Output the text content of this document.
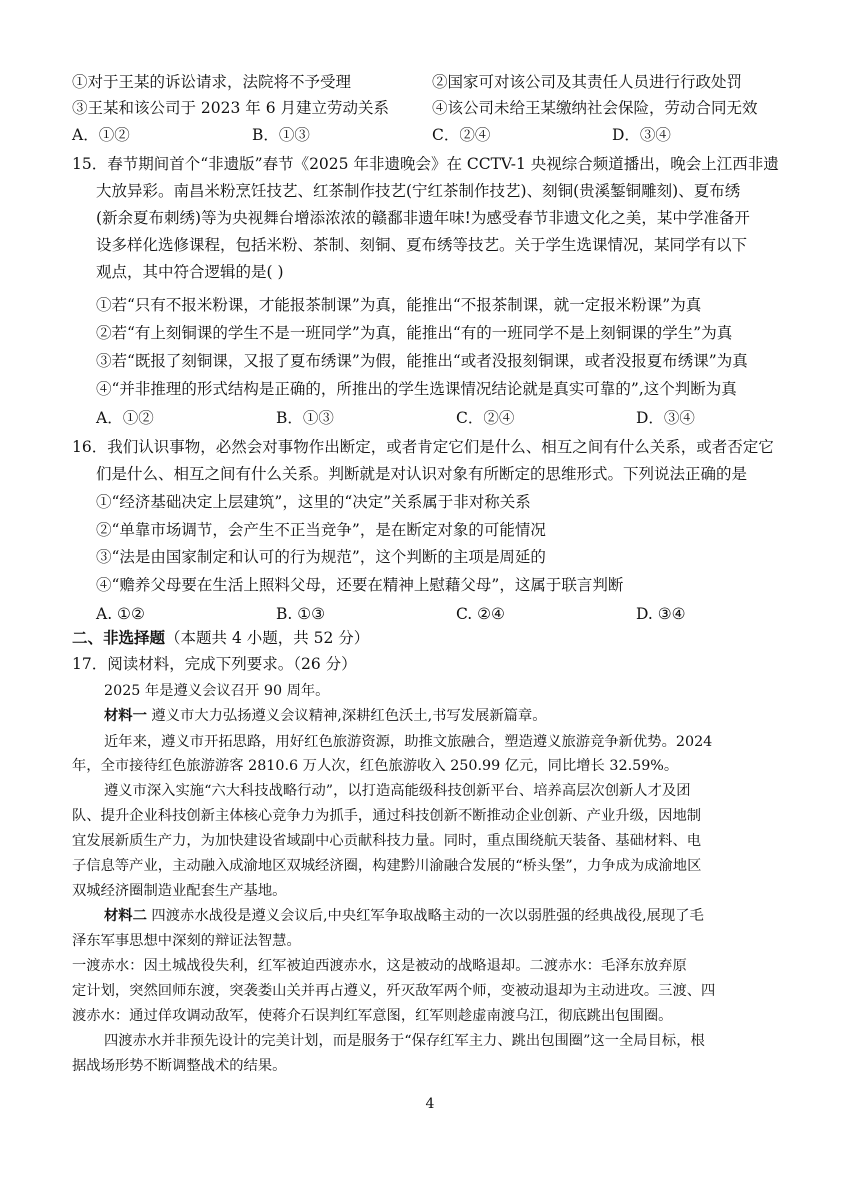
①对于王某的诉讼请求，法院将不予受理	②国家可对该公司及其责任人员进行行政处罚
③王某和该公司于 2023 年 6 月建立劳动关系	④该公司未给王某缴纳社会保险，劳动合同无效
A．①②	B．①③	C．②④	D．③④
15．春节期间首个“非遗版”春节《2025 年非遗晚会》在 CCTV-1 央视综合频道播出，晚会上江西非遗
大放异彩。南昌米粉烹饪技艺、红茶制作技艺(宁红茶制作技艺)、刻铜(贵溪錾铜雕刻)、夏布绣
(新余夏布刺绣)等为央视舞台增添浓浓的赣鄱非遗年味!为感受春节非遗文化之美，某中学准备开
设多样化选修课程，包括米粉、茶制、刻铜、夏布绣等技艺。关于学生选课情况，某同学有以下
观点，其中符合逻辑的是( )
①若“只有不报米粉课，才能报茶制课”为真，能推出“不报茶制课，就一定报米粉课”为真
②若“有上刻铜课的学生不是一班同学”为真，能推出“有的一班同学不是上刻铜课的学生”为真
③若“既报了刻铜课，又报了夏布绣课”为假，能推出“或者没报刻铜课，或者没报夏布绣课”为真
④“并非推理的形式结构是正确的，所推出的学生选课情况结论就是真实可靠的”,这个判断为真
A．①②	B．①③	C．②④	D．③④
16．我们认识事物，必然会对事物作出断定，或者肯定它们是什么、相互之间有什么关系，或者否定它
们是什么、相互之间有什么关系。判断就是对认识对象有所断定的思维形式。下列说法正确的是
①“经济基础决定上层建筑”，这里的“决定”关系属于非对称关系
②“单靠市场调节，会产生不正当竞争”，是在断定对象的可能情况
③“法是由国家制定和认可的行为规范”，这个判断的主项是周延的
④“赡养父母要在生活上照料父母，还要在精神上慰藉父母”，这属于联言判断
A. ①②	B. ①③	C. ②④	D. ③④
二、非选择题（本题共 4 小题，共 52 分）
17．阅读材料，完成下列要求。（26 分）
2025 年是遵义会议召开 90 周年。
材料一 遵义市大力弘扬遵义会议精神,深耕红色沃土,书写发展新篇章。
近年来，遵义市开拓思路，用好红色旅游资源，助推文旅融合，塑造遵义旅游竞争新优势。2024
年，全市接待红色旅游游客 2810.6 万人次，红色旅游收入 250.99 亿元，同比增长 32.59%。
遵义市深入实施“六大科技战略行动”，以打造高能级科技创新平台、培养高层次创新人才及团
队、提升企业科技创新主体核心竞争力为抓手，通过科技创新不断推动企业创新、产业升级，因地制
宜发展新质生产力，为加快建设省域副中心贡献科技力量。同时，重点围绕航天装备、基础材料、电
子信息等产业，主动融入成渝地区双城经济圈，构建黔川渝融合发展的“桥头堡”，力争成为成渝地区
双城经济圈制造业配套生产基地。
材料二 四渡赤水战役是遵义会议后,中央红军争取战略主动的一次以弱胜强的经典战役,展现了毛
泽东军事思想中深刻的辩证法智慧。
一渡赤水：因土城战役失利，红军被迫西渡赤水，这是被动的战略退却。二渡赤水：毛泽东放弃原
定计划，突然回师东渡，突袭娄山关并再占遵义，歼灭敌军两个师，变被动退却为主动进攻。三渡、四
渡赤水：通过佯攻调动敌军，使蒋介石误判红军意图，红军则趁虚南渡乌江，彻底跳出包围圈。
四渡赤水并非预先设计的完美计划，而是服务于“保存红军主力、跳出包围圈”这一全局目标，根
据战场形势不断调整战术的结果。
4
